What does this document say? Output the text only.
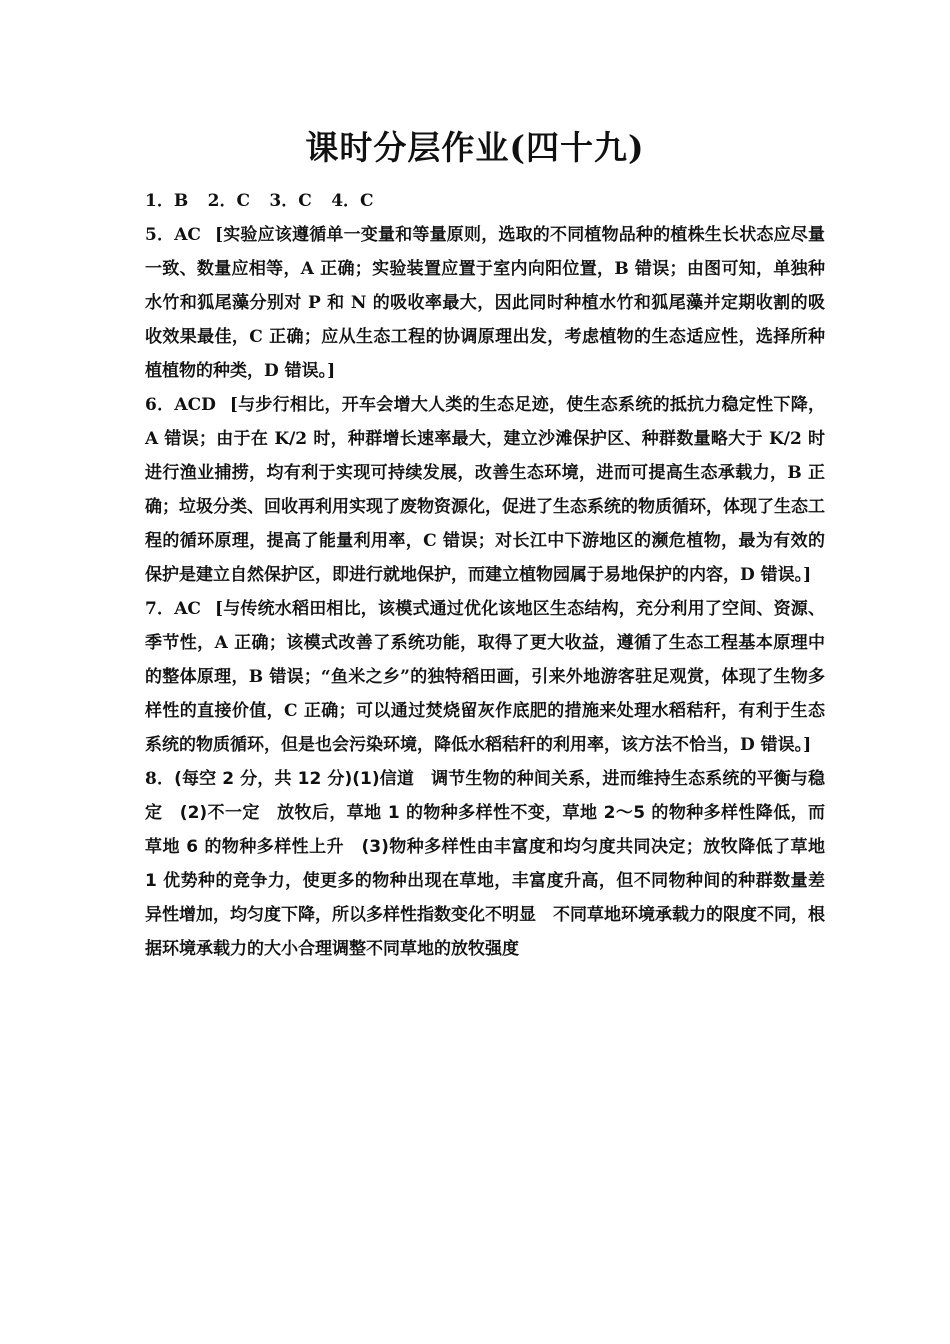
课时分层作业(四十九)

1．B 2．C 3．C 4．C

5．AC [实验应该遵循单一变量和等量原则，选取的不同植物品种的植株生长状态应尽量一致、数量应相等，A 正确；实验装置应置于室内向阳位置，B 错误；由图可知，单独种水竹和狐尾藻分别对 P 和 N 的吸收率最大，因此同时种植水竹和狐尾藻并定期收割的吸收效果最佳，C 正确；应从生态工程的协调原理出发，考虑植物的生态适应性，选择所种植植物的种类，D 错误。]

6．ACD [与步行相比，开车会增大人类的生态足迹，使生态系统的抵抗力稳定性下降，A 错误；由于在 K/2 时，种群增长速率最大，建立沙滩保护区、种群数量略大于 K/2 时进行渔业捕捞，均有利于实现可持续发展，改善生态环境，进而可提高生态承载力，B 正确；垃圾分类、回收再利用实现了废物资源化，促进了生态系统的物质循环，体现了生态工程的循环原理，提高了能量利用率，C 错误；对长江中下游地区的濒危植物，最为有效的保护是建立自然保护区，即进行就地保护，而建立植物园属于易地保护的内容，D 错误。]

7．AC [与传统水稻田相比，该模式通过优化该地区生态结构，充分利用了空间、资源、季节性，A 正确；该模式改善了系统功能，取得了更大收益，遵循了生态工程基本原理中的整体原理，B 错误；“鱼米之乡”的独特稻田画，引来外地游客驻足观赏，体现了生物多样性的直接价值，C 正确；可以通过焚烧留灰作底肥的措施来处理水稻秸秆，有利于生态系统的物质循环，但是也会污染环境，降低水稻秸秆的利用率，该方法不恰当，D 错误。]

8．(每空 2 分，共 12 分)(1)信道　调节生物的种间关系，进而维持生态系统的平衡与稳定　(2)不一定　放牧后，草地 1 的物种多样性不变，草地 2～5 的物种多样性降低，而草地 6 的物种多样性上升　(3)物种多样性由丰富度和均匀度共同决定；放牧降低了草地 1 优势种的竞争力，使更多的物种出现在草地，丰富度升高，但不同物种间的种群数量差异性增加，均匀度下降，所以多样性指数变化不明显　不同草地环境承载力的限度不同，根据环境承载力的大小合理调整不同草地的放牧强度
